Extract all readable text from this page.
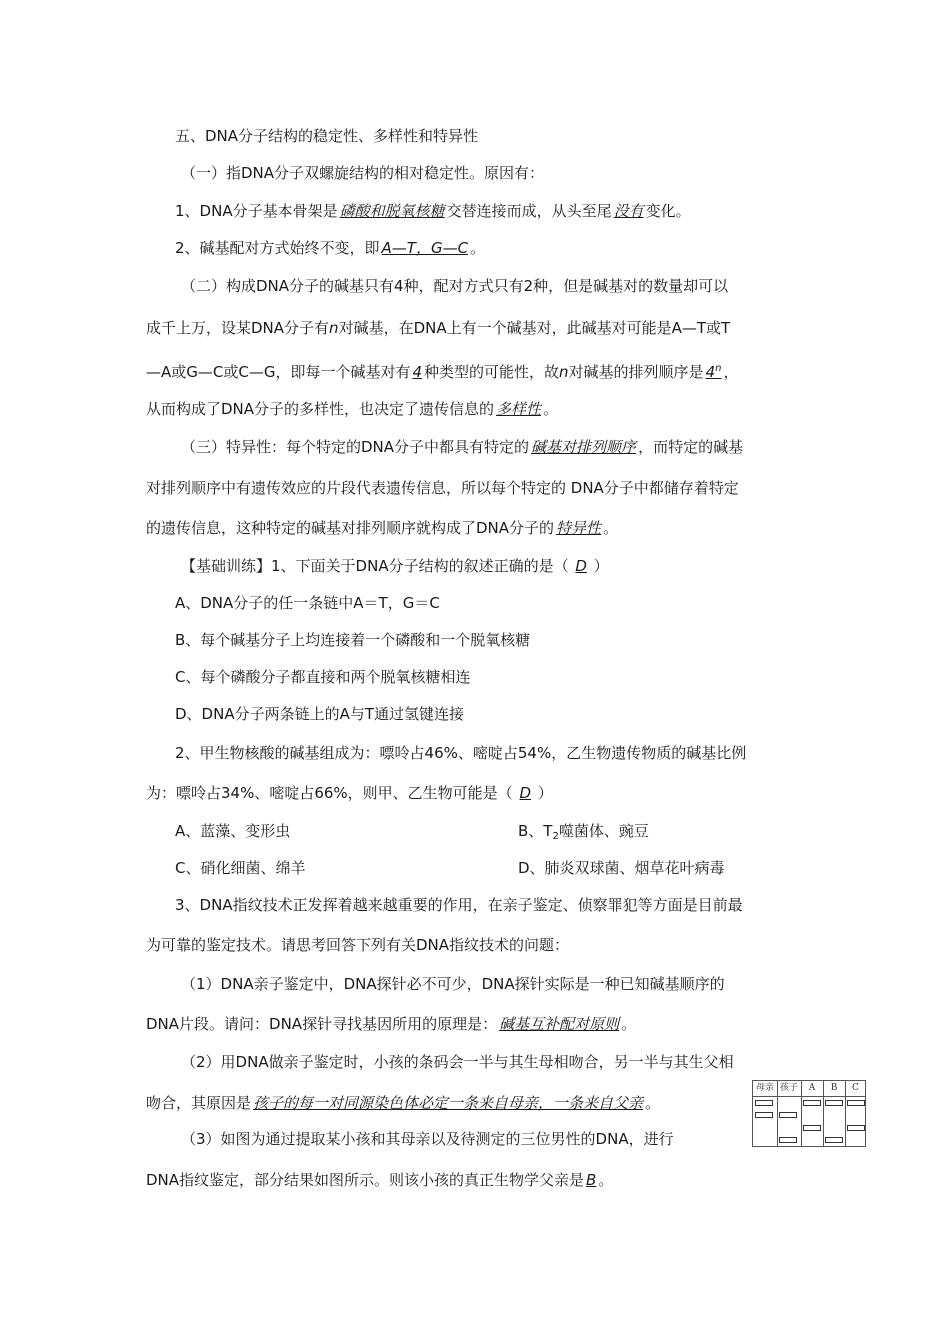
五、DNA分子结构的稳定性、多样性和特异性
（一）指DNA分子双螺旋结构的相对稳定性。原因有：
1、DNA分子基本骨架是 磷酸和脱氧核糖 交替连接而成，从头至尾 没有 变化。
2、碱基配对方式始终不变，即 A—T，G—C 。
（二）构成DNA分子的碱基只有4种，配对方式只有2种，但是碱基对的数量却可以
成千上万，设某DNA分子有n对碱基，在DNA上有一个碱基对，此碱基对可能是A—T或T
—A或G—C或C—G，即每一个碱基对有 4 种类型的可能性，故n对碱基的排列顺序是 4$^n$ ，
从而构成了DNA分子的多样性，也决定了遗传信息的 多样性 。
（三）特异性：每个特定的DNA分子中都具有特定的 碱基对排列顺序 ，而特定的碱基
对排列顺序中有遗传效应的片段代表遗传信息，所以每个特定的 DNA分子中都储存着特定
的遗传信息，这种特定的碱基对排列顺序就构成了DNA分子的 特异性 。
【基础训练】1、下面关于DNA分子结构的叙述正确的是（ D ）
A、DNA分子的任一条链中A＝T，G＝C
B、每个碱基分子上均连接着一个磷酸和一个脱氧核糖
C、每个磷酸分子都直接和两个脱氧核糖相连
D、DNA分子两条链上的A与T通过氢键连接
2、甲生物核酸的碱基组成为：嘌呤占46%、嘧啶占54%，乙生物遗传物质的碱基比例
为：嘌呤占34%、嘧啶占66%，则甲、乙生物可能是（ D ）
A、蓝藻、变形虫	B、$T_2$噬菌体、豌豆
C、硝化细菌、绵羊	D、肺炎双球菌、烟草花叶病毒
3、DNA指纹技术正发挥着越来越重要的作用，在亲子鉴定、侦察罪犯等方面是目前最
为可靠的鉴定技术。请思考回答下列有关DNA指纹技术的问题：
（1）DNA亲子鉴定中，DNA探针必不可少，DNA探针实际是一种已知碱基顺序的
DNA片段。请问：DNA探针寻找基因所用的原理是： 碱基互补配对原则 。
（2）用DNA做亲子鉴定时，小孩的条码会一半与其生母相吻合，另一半与其生父相
吻合，其原因是 孩子的每一对同源染色体必定一条来自母亲，一条来自父亲 。
（3）如图为通过提取某小孩和其母亲以及待测定的三位男性的DNA，进行
DNA指纹鉴定，部分结果如图所示。则该小孩的真正生物学父亲是 B 。
母亲 孩子	A	B	C
